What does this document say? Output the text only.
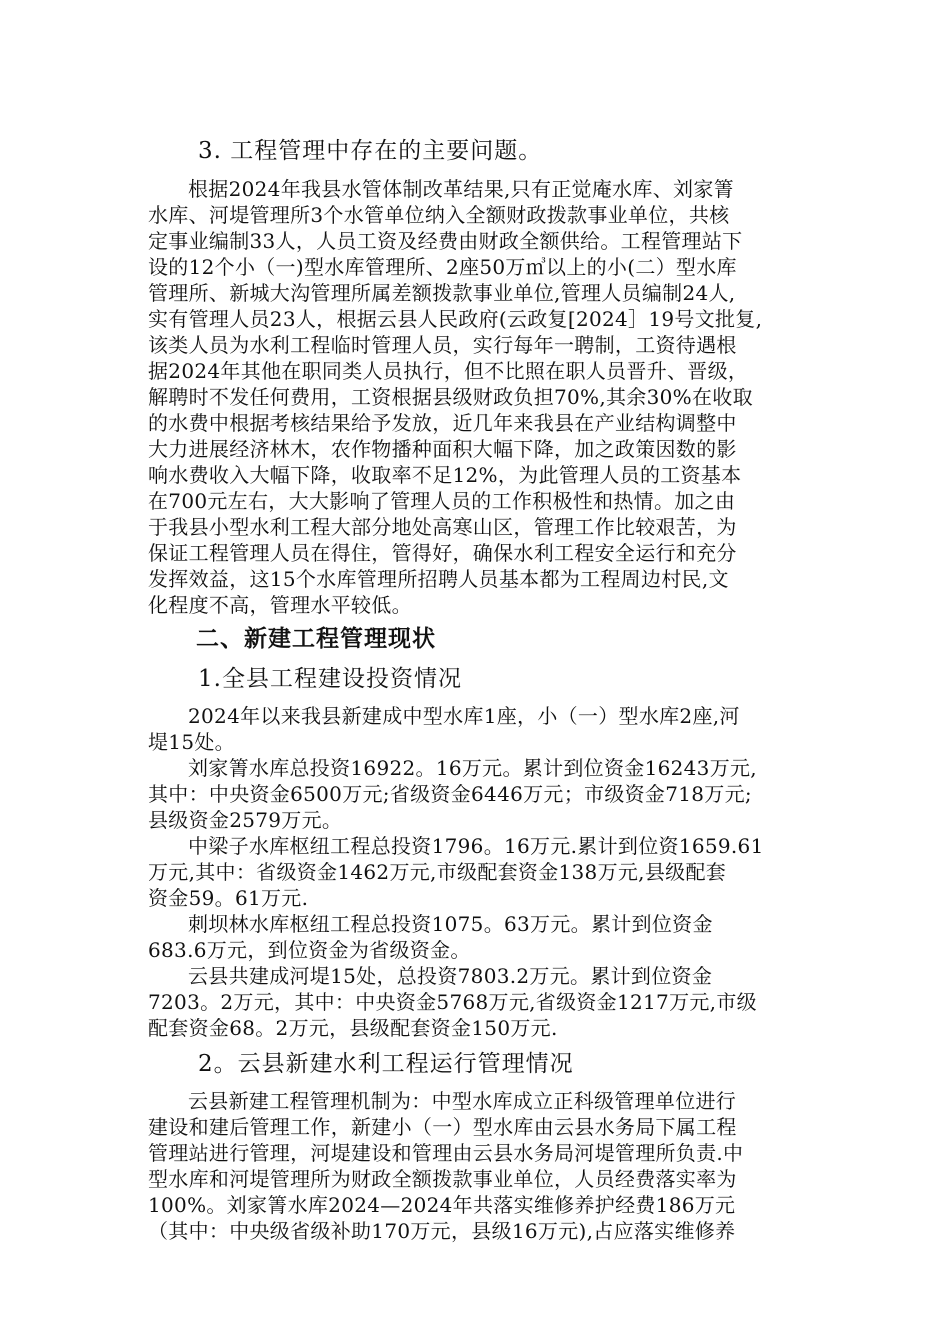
3. 工程管理中存在的主要问题。
根据2024年我县水管体制改革结果,只有正觉庵水库、刘家箐
水库、河堤管理所3个水管单位纳入全额财政拨款事业单位，共核
定事业编制33人，人员工资及经费由财政全额供给。工程管理站下
设的12个小（一)型水库管理所、2座50万㎥以上的小(二）型水库
管理所、新城大沟管理所属差额拨款事业单位,管理人员编制24人,
实有管理人员23人，根据云县人民政府(云政复[2024］19号文批复,
该类人员为水利工程临时管理人员，实行每年一聘制，工资待遇根
据2024年其他在职同类人员执行，但不比照在职人员晋升、晋级，
解聘时不发任何费用，工资根据县级财政负担70%,其余30%在收取
的水费中根据考核结果给予发放，近几年来我县在产业结构调整中
大力进展经济林木，农作物播种面积大幅下降，加之政策因数的影
响水费收入大幅下降，收取率不足12%，为此管理人员的工资基本
在700元左右，大大影响了管理人员的工作积极性和热情。加之由
于我县小型水利工程大部分地处高寒山区，管理工作比较艰苦，为
保证工程管理人员在得住，管得好，确保水利工程安全运行和充分
发挥效益，这15个水库管理所招聘人员基本都为工程周边村民,文
化程度不高，管理水平较低。
二、新建工程管理现状
1.全县工程建设投资情况
2024年以来我县新建成中型水库1座，小（一）型水库2座,河
堤15处。
刘家箐水库总投资16922。16万元。累计到位资金16243万元,
其中：中央资金6500万元;省级资金6446万元；市级资金718万元;
县级资金2579万元。
中梁子水库枢纽工程总投资1796。16万元.累计到位资1659.61
万元,其中：省级资金1462万元,市级配套资金138万元,县级配套
资金59。61万元.
刺坝林水库枢纽工程总投资1075。63万元。累计到位资金
683.6万元，到位资金为省级资金。
云县共建成河堤15处，总投资7803.2万元。累计到位资金
7203。2万元，其中：中央资金5768万元,省级资金1217万元,市级
配套资金68。2万元，县级配套资金150万元.
2。云县新建水利工程运行管理情况
云县新建工程管理机制为：中型水库成立正科级管理单位进行
建设和建后管理工作，新建小（一）型水库由云县水务局下属工程
管理站进行管理，河堤建设和管理由云县水务局河堤管理所负责.中
型水库和河堤管理所为财政全额拨款事业单位，人员经费落实率为
100%。刘家箐水库2024—2024年共落实维修养护经费186万元
（其中：中央级省级补助170万元，县级16万元),占应落实维修养
